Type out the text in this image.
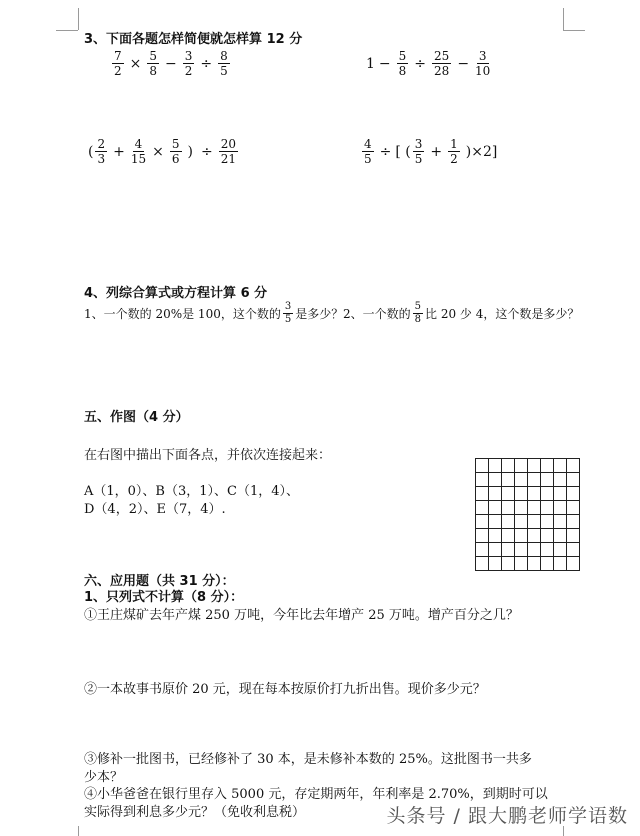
3、下面各题怎样简便就怎样算 12 分
$\frac{7}{2} \times \frac{5}{8} - \frac{3}{2} \div \frac{8}{5}$	$1 - \frac{5}{8} \div \frac{25}{28} - \frac{3}{10}$
( $\frac{2}{3} + \frac{4}{15} \times \frac{5}{6}$ ) ÷ $\frac{20}{21}$	$\frac{4}{5}$ ÷ [ ( $\frac{3}{5} + \frac{1}{2} )\times 2$]
4、列综合算式或方程计算 6 分
1、一个数的 20%是 100，这个数的 $\frac{3}{5}$ 是多少？ 2、一个数的 $\frac{5}{8}$ 比 20 少 4，这个数是多少？
五、作图（4 分）
在右图中描出下面各点，并依次连接起来：
A（1，0）、B（3，1）、C（1，4）、
D（4，2）、E（7，4）.

六、应用题（共 31 分）：
1、只列式不计算（8 分）：
①王庄煤矿去年产煤 250 万吨，今年比去年增产 25 万吨。增产百分之几？
②一本故事书原价 20 元，现在每本按原价打九折出售。现价多少元？
③修补一批图书，已经修补了 30 本，是未修补本数的 25%。这批图书一共多
少本？
④小华爸爸在银行里存入 5000 元，存定期两年，年利率是 2.70%，到期时可以
实际得到利息多少元？（免收利息税）	头条号 / 跟大鹏老师学语数
